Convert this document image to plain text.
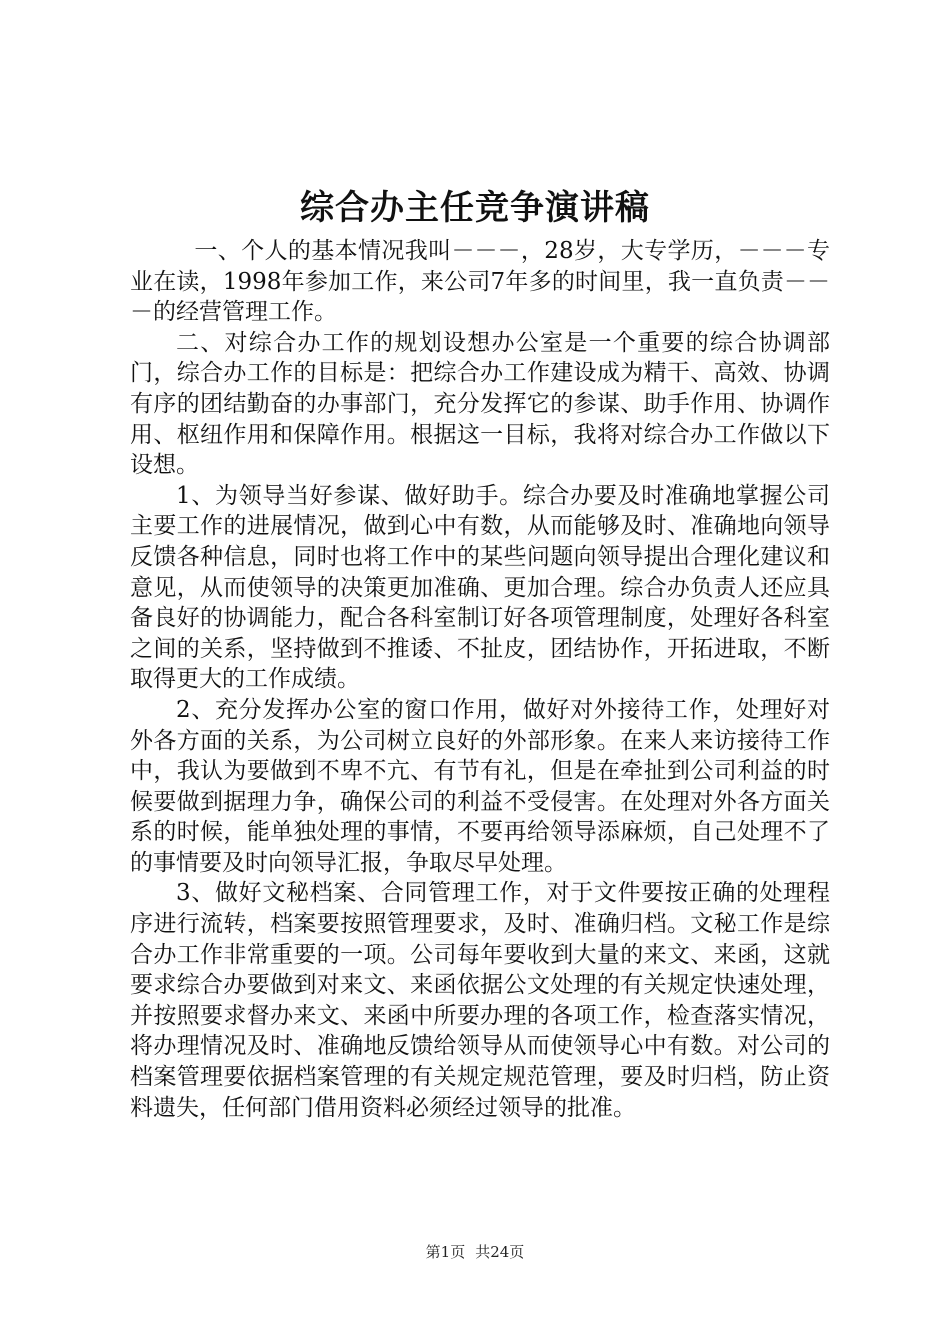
综合办主任竞争演讲稿

一、个人的基本情况我叫－－－，28岁，大专学历，－－－专业在读，1998年参加工作，来公司7年多的时间里，我一直负责－－－的经营管理工作。

二、对综合办工作的规划设想办公室是一个重要的综合协调部门，综合办工作的目标是：把综合办工作建设成为精干、高效、协调有序的团结勤奋的办事部门，充分发挥它的参谋、助手作用、协调作用、枢纽作用和保障作用。根据这一目标，我将对综合办工作做以下设想。

1、为领导当好参谋、做好助手。综合办要及时准确地掌握公司主要工作的进展情况，做到心中有数，从而能够及时、准确地向领导反馈各种信息，同时也将工作中的某些问题向领导提出合理化建议和意见，从而使领导的决策更加准确、更加合理。综合办负责人还应具备良好的协调能力，配合各科室制订好各项管理制度，处理好各科室之间的关系，坚持做到不推诿、不扯皮，团结协作，开拓进取，不断取得更大的工作成绩。

2、充分发挥办公室的窗口作用，做好对外接待工作，处理好对外各方面的关系，为公司树立良好的外部形象。在来人来访接待工作中，我认为要做到不卑不亢、有节有礼，但是在牵扯到公司利益的时候要做到据理力争，确保公司的利益不受侵害。在处理对外各方面关系的时候，能单独处理的事情，不要再给领导添麻烦，自己处理不了的事情要及时向领导汇报，争取尽早处理。

3、做好文秘档案、合同管理工作，对于文件要按正确的处理程序进行流转，档案要按照管理要求，及时、准确归档。文秘工作是综合办工作非常重要的一项。公司每年要收到大量的来文、来函，这就要求综合办要做到对来文、来函依据公文处理的有关规定快速处理，并按照要求督办来文、来函中所要办理的各项工作，检查落实情况，将办理情况及时、准确地反馈给领导从而使领导心中有数。对公司的档案管理要依据档案管理的有关规定规范管理，要及时归档，防止资料遗失，任何部门借用资料必须经过领导的批准。

第1页 共24页
